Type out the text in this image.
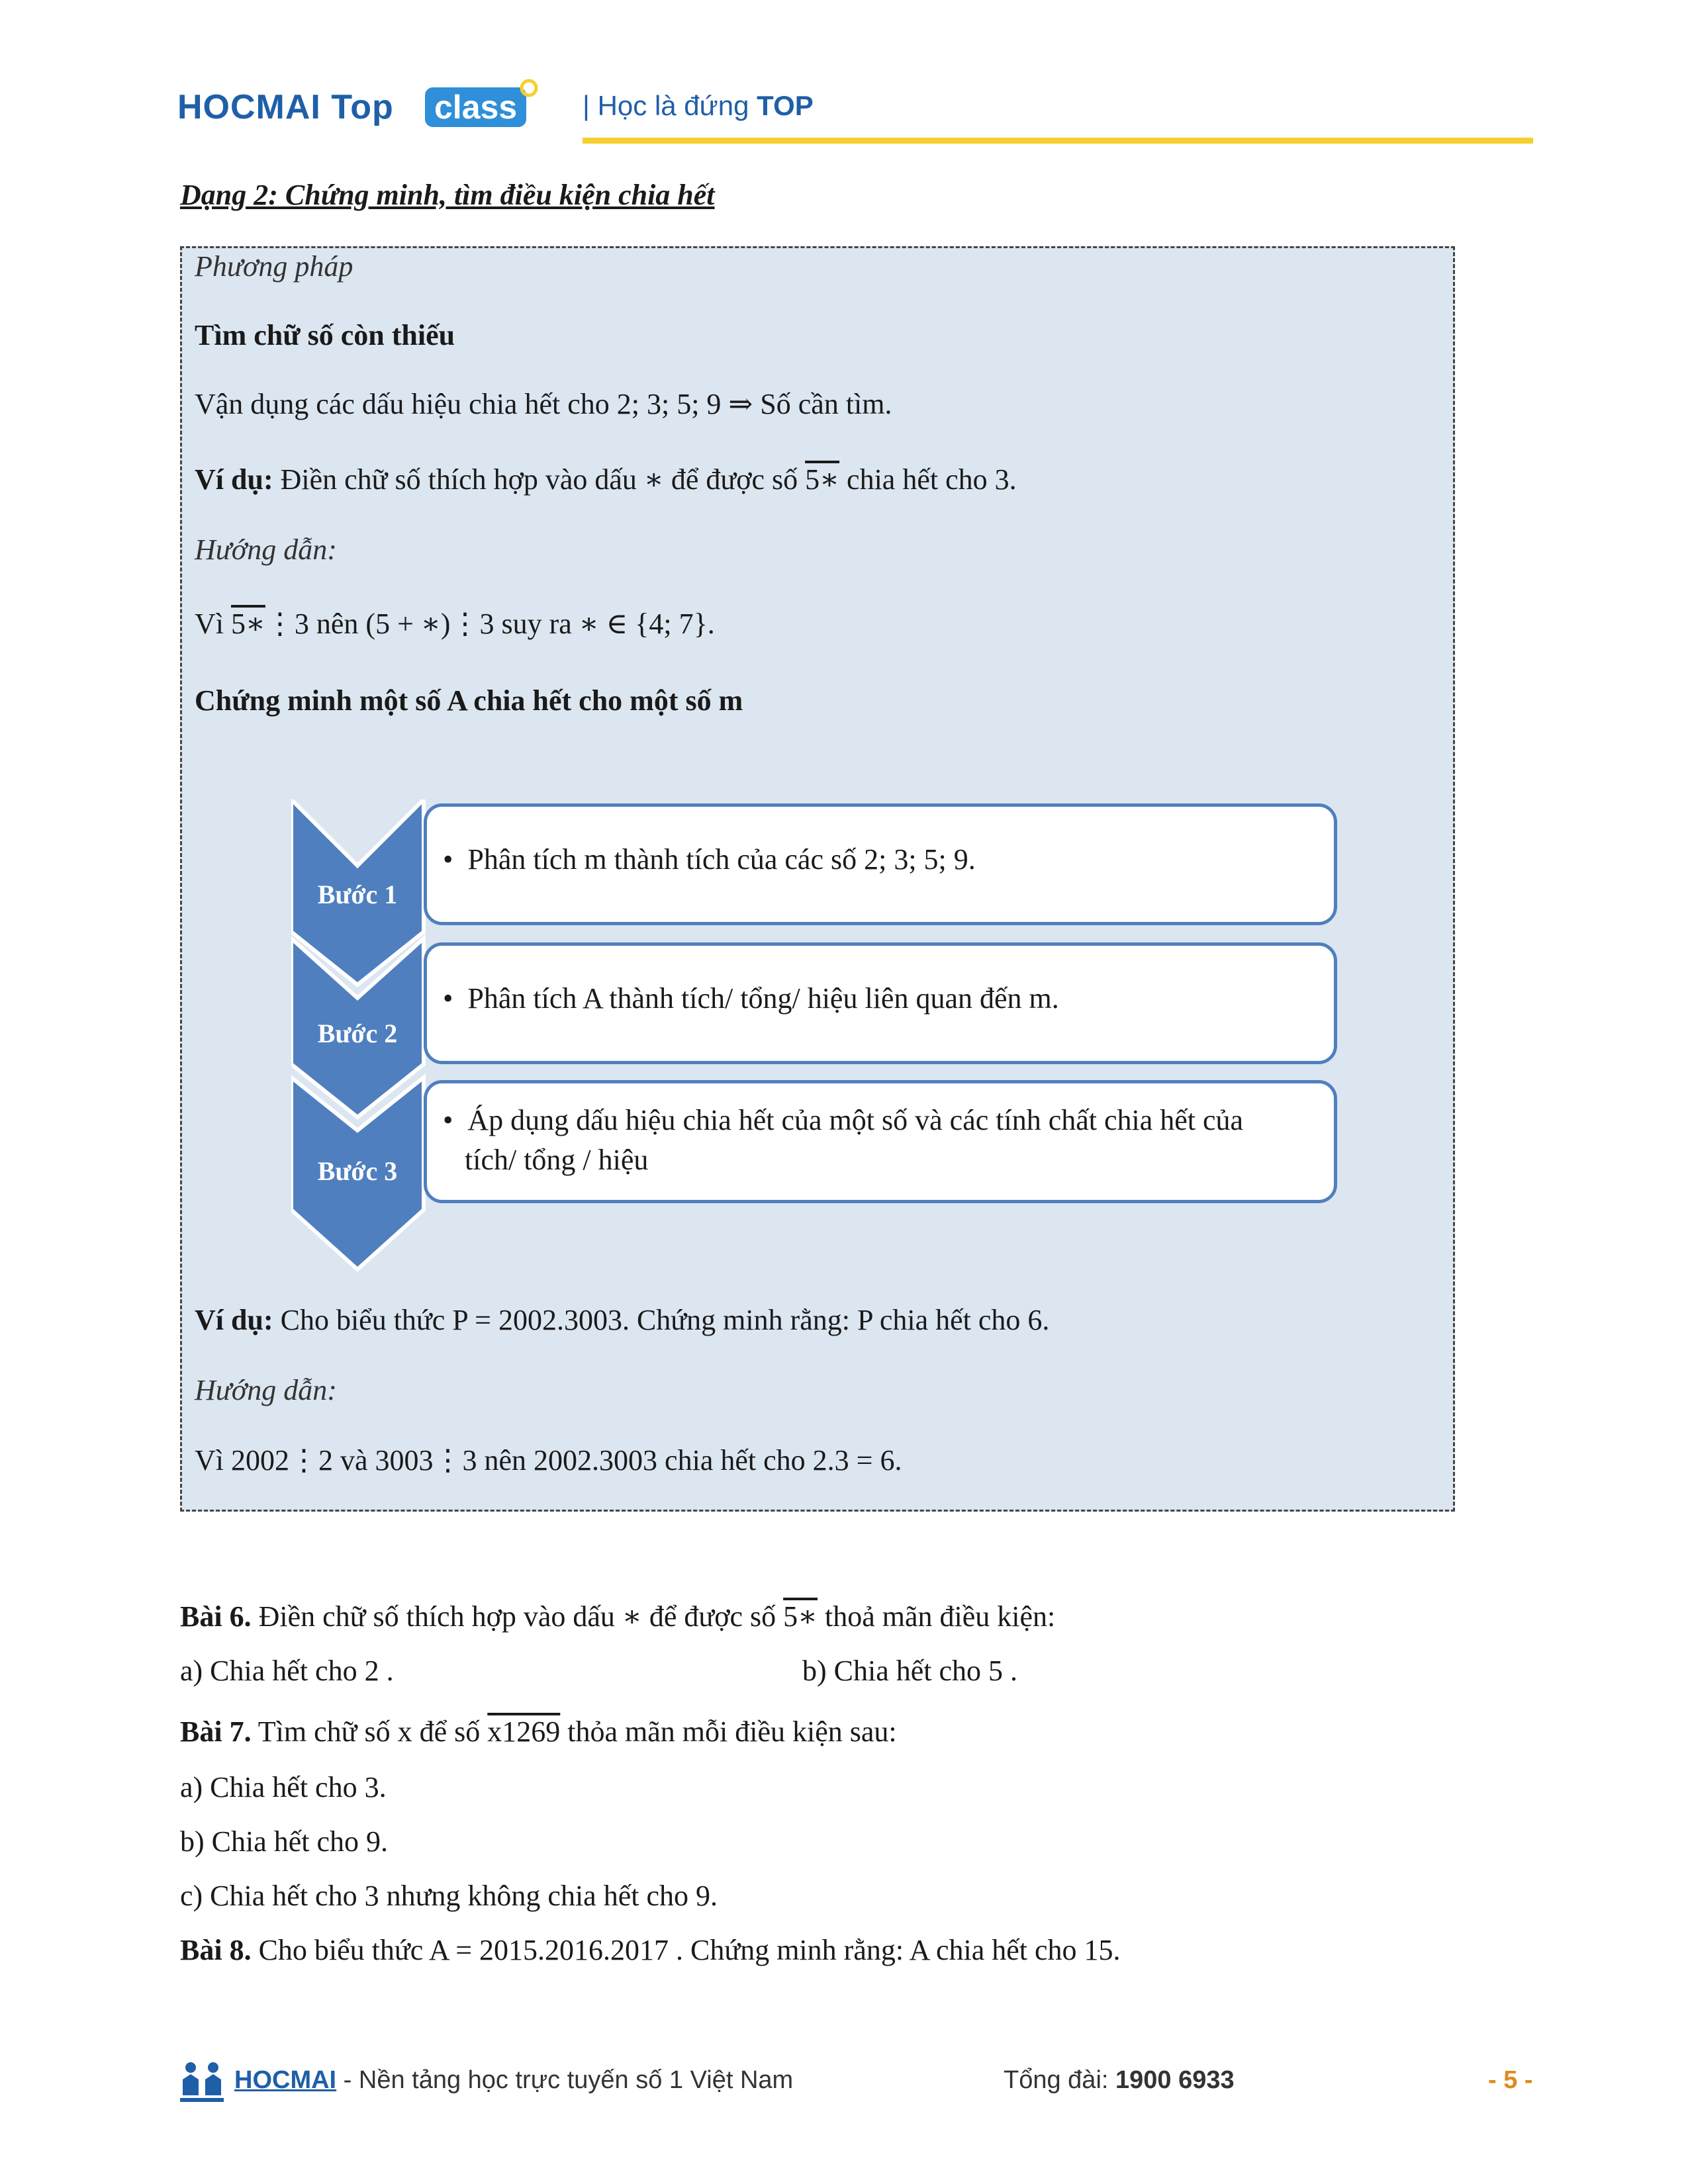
HOCMAI Top class	| Học là đứng TOP
Dạng 2: Chứng minh, tìm điều kiện chia hết
Phương pháp
Tìm chữ số còn thiếu
Vận dụng các dấu hiệu chia hết cho 2; 3; 5; 9 ⇒ Số cần tìm.
Ví dụ: Điền chữ số thích hợp vào dấu ∗ để được số 5∗ chia hết cho 3.
Hướng dẫn:
Vì 5∗⋮3 nên (5 + ∗)⋮3 suy ra ∗ ∈ {4; 7}.
Chứng minh một số A chia hết cho một số m
Bước 1
Bước 2
Bước 3
• Phân tích m thành tích của các số 2; 3; 5; 9.
• Phân tích A thành tích/ tổng/ hiệu liên quan đến m.
• Áp dụng dấu hiệu chia hết của một số và các tính chất chia hết của
tích/ tổng / hiệu
Ví dụ: Cho biểu thức P = 2002.3003. Chứng minh rằng: P chia hết cho 6.
Hướng dẫn:
Vì 2002⋮2 và 3003⋮3 nên 2002.3003 chia hết cho 2.3 = 6.
Bài 6. Điền chữ số thích hợp vào dấu ∗ để được số 5∗ thoả mãn điều kiện:
a) Chia hết cho 2 .	b) Chia hết cho 5 .
Bài 7. Tìm chữ số x để số x1269 thỏa mãn mỗi điều kiện sau:
a) Chia hết cho 3.
b) Chia hết cho 9.
c) Chia hết cho 3 nhưng không chia hết cho 9.
Bài 8. Cho biểu thức A = 2015.2016.2017 . Chứng minh rằng: A chia hết cho 15.
HOCMAI - Nền tảng học trực tuyến số 1 Việt Nam	Tổng đài: 1900 6933	- 5 -
